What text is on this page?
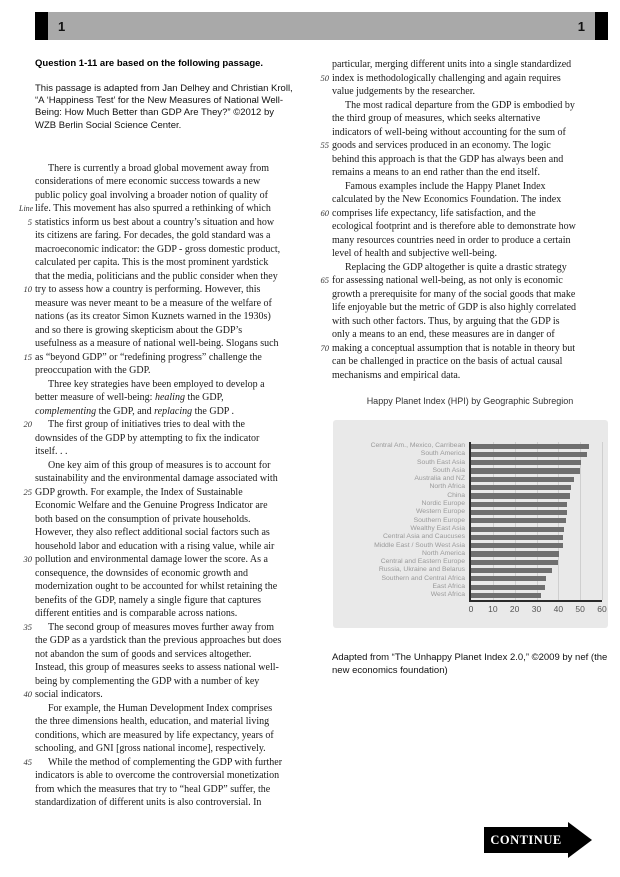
1	1
Question 1-11 are based on the following passage.
This passage is adapted from Jan Delhey and Christian Kroll,
“A ‘Happiness Test’ for the New Measures of National Well-
Being: How Much Better than GDP Are They?” ©2012 by
WZB Berlin Social Science Center.
There is currently a broad global movement away from
considerations of mere economic success towards a new
public policy goal involving a broader notion of quality of
Line life. This movement has also spurred a rethinking of which
5 statistics inform us best about a country’s situation and how
its citizens are faring. For decades, the gold standard was a
macroeconomic indicator: the GDP - gross domestic product,
calculated per capita. This is the most prominent yardstick
that the media, politicians and the public consider when they
10 try to assess how a country is performing. However, this
measure was never meant to be a measure of the welfare of
nations (as its creator Simon Kuznets warned in the 1930s)
and so there is growing skepticism about the GDP’s
usefulness as a measure of national well-being. Slogans such
15 as “beyond GDP” or “redefining progress” challenge the
preoccupation with the GDP.
Three key strategies have been employed to develop a
better measure of well-being: healing the GDP,
complementing the GDP, and replacing the GDP .
20 The first group of initiatives tries to deal with the
downsides of the GDP by attempting to fix the indicator
itself. . .
One key aim of this group of measures is to account for
sustainability and the environmental damage associated with
25 GDP growth. For example, the Index of Sustainable
Economic Welfare and the Genuine Progress Indicator are
both based on the consumption of private households.
However, they also reflect additional social factors such as
household labor and education with a rising value, while air
30 pollution and environmental damage lower the score. As a
consequence, the downsides of economic growth and
modernization ought to be accounted for whilst retaining the
benefits of the GDP, namely a single figure that captures
different entities and is comparable across nations.
35 The second group of measures moves further away from
the GDP as a yardstick than the previous approaches but does
not abandon the sum of goods and services altogether.
Instead, this group of measures seeks to assess national well-
being by complementing the GDP with a number of key
40 social indicators.
For example, the Human Development Index comprises
the three dimensions health, education, and material living
conditions, which are measured by life expectancy, years of
schooling, and GNI [gross national income], respectively.
45 While the method of complementing the GDP with further
indicators is able to overcome the controversial monetization
from which the measures that try to “heal GDP” suffer, the
standardization of different units is also controversial. In
particular, merging different units into a single standardized
50 index is methodologically challenging and again requires
value judgements by the researcher.
The most radical departure from the GDP is embodied by
the third group of measures, which seeks alternative
indicators of well-being without accounting for the sum of
55 goods and services produced in an economy. The logic
behind this approach is that the GDP has always been and
remains a means to an end rather than the end itself.
Famous examples include the Happy Planet Index
calculated by the New Economics Foundation. The index
60 comprises life expectancy, life satisfaction, and the
ecological footprint and is therefore able to demonstrate how
many resources countries need in order to produce a certain
level of health and subjective well-being.
Replacing the GDP altogether is quite a drastic strategy
65 for assessing national well-being, as not only is economic
growth a prerequisite for many of the social goods that make
life enjoyable but the metric of GDP is also highly correlated
with such other factors. Thus, by arguing that the GDP is
only a means to an end, these measures are in danger of
70 making a conceptual assumption that is notable in theory but
can be challenged in practice on the basis of actual causal
mechanisms and empirical data.
Happy Planet Index (HPI) by Geographic Subregion
Central Am., Mexico, Carribean
South America
South East Asia
South Asia
Australia and NZ
North Africa
China
Nordic Europe
Western Europe
Southern Europe
Wealthy East Asia
Central Asia and Caucuses
Middle East / South West Asia
North America
Central and Eastern Europe
Russia, Ukraine and Belarus
Southern and Central Africa
East Africa
West Africa
0 10 20 30 40 50 60
Adapted from “The Unhappy Planet Index 2.0,” ©2009 by nef (the
new economics foundation)
CONTINUE
